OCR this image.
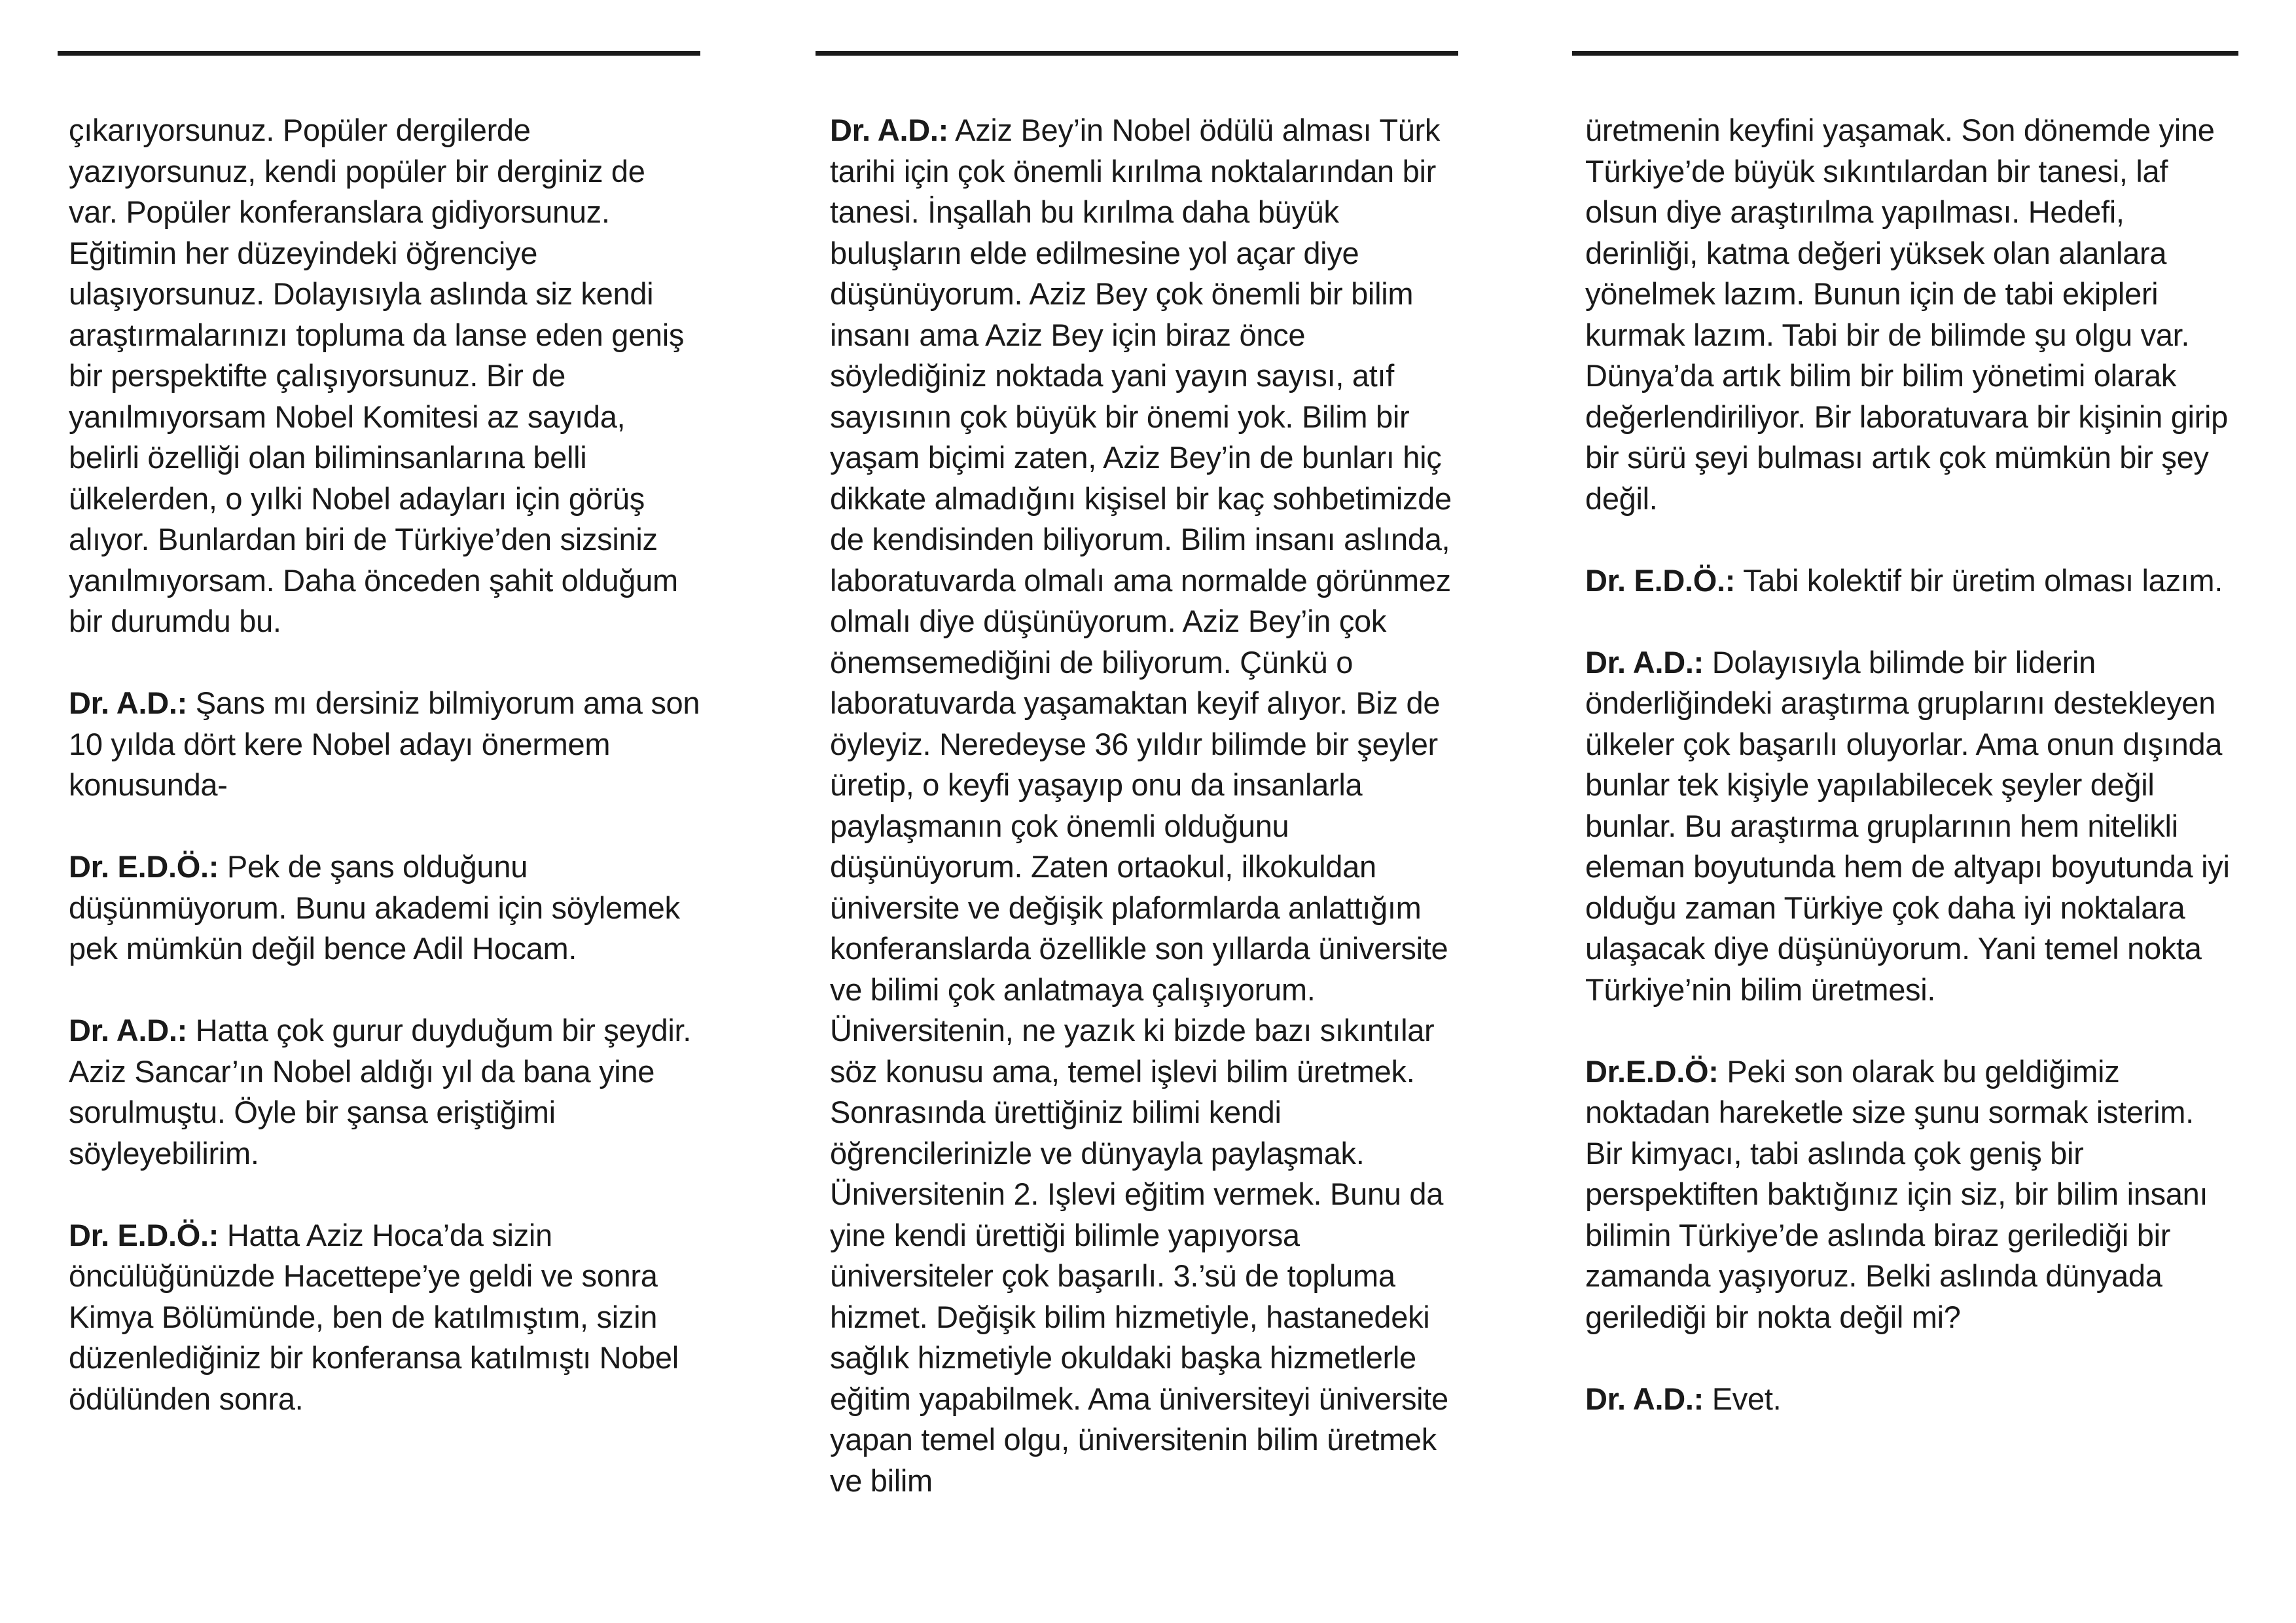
çıkarıyorsunuz. Popüler dergilerde yazıyorsunuz, kendi popüler bir derginiz de var. Popüler konferanslara gidiyorsunuz. Eğitimin her düzeyindeki öğrenciye ulaşıyorsunuz. Dolayısıyla aslında siz kendi araştırmalarınızı topluma da lanse eden geniş bir perspektifte çalışıyorsunuz. Bir de yanılmıyorsam Nobel Komitesi az sayıda, belirli özelliği olan biliminsanlarına belli ülkelerden, o yılki Nobel adayları için görüş alıyor. Bunlardan biri de Türkiye’den sizsiniz yanılmıyorsam. Daha önceden şahit olduğum bir durumdu bu.

Dr. A.D.: Şans mı dersiniz bilmiyorum ama son 10 yılda dört kere Nobel adayı önermem konusunda-

Dr. E.D.Ö.: Pek de şans olduğunu düşünmüyorum. Bunu akademi için söylemek pek mümkün değil bence Adil Hocam.

Dr. A.D.: Hatta çok gurur duyduğum bir şeydir. Aziz Sancar’ın Nobel aldığı yıl da bana yine sorulmuştu. Öyle bir şansa eriştiğimi söyleyebilirim.

Dr. E.D.Ö.: Hatta Aziz Hoca’da sizin öncülüğünüzde Hacettepe’ye geldi ve sonra Kimya Bölümünde, ben de katılmıştım, sizin düzenlediğiniz bir konferansa katılmıştı Nobel ödülünden sonra.

Dr. A.D.: Aziz Bey’in Nobel ödülü alması Türk tarihi için çok önemli kırılma noktalarından bir tanesi. İnşallah bu kırılma daha büyük buluşların elde edilmesine yol açar diye düşünüyorum. Aziz Bey çok önemli bir bilim insanı ama Aziz Bey için biraz önce söylediğiniz noktada yani yayın sayısı, atıf sayısının çok büyük bir önemi yok. Bilim bir yaşam biçimi zaten, Aziz Bey’in de bunları hiç dikkate almadığını kişisel bir kaç sohbetimizde de kendisinden biliyorum. Bilim insanı aslında, laboratuvarda olmalı ama normalde görünmez olmalı diye düşünüyorum. Aziz Bey’in çok önemsemediğini de biliyorum. Çünkü o laboratuvarda yaşamaktan keyif alıyor. Biz de öyleyiz. Neredeyse 36 yıldır bilimde bir şeyler üretip, o keyfi yaşayıp onu da insanlarla paylaşmanın çok önemli olduğunu düşünüyorum. Zaten ortaokul, ilkokuldan üniversite ve değişik plaformlarda anlattığım konferanslarda özellikle son yıllarda üniversite ve bilimi çok anlatmaya çalışıyorum. Üniversitenin, ne yazık ki bizde bazı sıkıntılar söz konusu ama, temel işlevi bilim üretmek. Sonrasında ürettiğiniz bilimi kendi öğrencilerinizle ve dünyayla paylaşmak. Üniversitenin 2. Işlevi eğitim vermek. Bunu da yine kendi ürettiği bilimle yapıyorsa üniversiteler çok başarılı. 3.’sü de topluma hizmet. Değişik bilim hizmetiyle, hastanedeki sağlık hizmetiyle okuldaki başka hizmetlerle eğitim yapabilmek. Ama üniversiteyi üniversite yapan temel olgu, üniversitenin bilim üretmek ve bilim

üretmenin keyfini yaşamak. Son dönemde yine Türkiye’de büyük sıkıntılardan bir tanesi, laf olsun diye araştırılma yapılması. Hedefi, derinliği, katma değeri yüksek olan alanlara yönelmek lazım. Bunun için de tabi ekipleri kurmak lazım. Tabi bir de bilimde şu olgu var. Dünya’da artık bilim bir bilim yönetimi olarak değerlendiriliyor. Bir laboratuvara bir kişinin girip bir sürü şeyi bulması artık çok mümkün bir şey değil.

Dr. E.D.Ö.: Tabi kolektif bir üretim olması lazım.

Dr. A.D.: Dolayısıyla bilimde bir liderin önderliğindeki araştırma gruplarını destekleyen ülkeler çok başarılı oluyorlar. Ama onun dışında bunlar tek kişiyle yapılabilecek şeyler değil bunlar. Bu araştırma gruplarının hem nitelikli eleman boyutunda hem de altyapı boyutunda iyi olduğu zaman Türkiye çok daha iyi noktalara ulaşacak diye düşünüyorum. Yani temel nokta Türkiye’nin bilim üretmesi.

Dr.E.D.Ö: Peki son olarak bu geldiğimiz noktadan hareketle size şunu sormak isterim. Bir kimyacı, tabi aslında çok geniş bir perspektiften baktığınız için siz, bir bilim insanı bilimin Türkiye’de aslında biraz gerilediği bir zamanda yaşıyoruz. Belki aslında dünyada gerilediği bir nokta değil mi?

Dr. A.D.: Evet.
